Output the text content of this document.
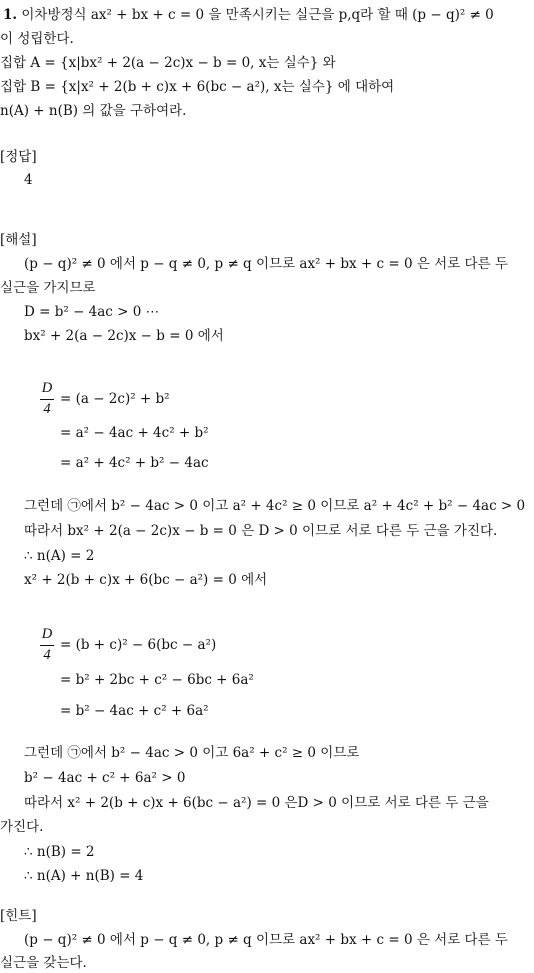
1. 이차방정식 ax² + bx + c = 0 을 만족시키는 실근을 p,q라 할 때 (p − q)² ≠ 0
이 성립한다.
집합 A = {x|bx² + 2(a − 2c)x − b = 0, x는 실수} 와
집합 B = {x|x² + 2(b + c)x + 6(bc − a²), x는 실수} 에 대하여
n(A) + n(B) 의 값을 구하여라.
[정답]
4
[해설]
(p − q)² ≠ 0 에서 p − q ≠ 0, p ≠ q 이므로 ax² + bx + c = 0 은 서로 다른 두
실근을 가지므로
D = b² − 4ac > 0 ⋯
bx² + 2(a − 2c)x − b = 0 에서
D
4
= (a − 2c)² + b²
= a² − 4ac + 4c² + b²
= a² + 4c² + b² − 4ac
그런데 ㉠에서 b² − 4ac > 0 이고 a² + 4c² ≥ 0 이므로 a² + 4c² + b² − 4ac > 0
따라서 bx² + 2(a − 2c)x − b = 0 은 D > 0 이므로 서로 다른 두 근을 가진다.
∴ n(A) = 2
x² + 2(b + c)x + 6(bc − a²) = 0 에서
D
4
= (b + c)² − 6(bc − a²)
= b² + 2bc + c² − 6bc + 6a²
= b² − 4ac + c² + 6a²
그런데 ㉠에서 b² − 4ac > 0 이고 6a² + c² ≥ 0 이므로
b² − 4ac + c² + 6a² > 0
따라서 x² + 2(b + c)x + 6(bc − a²) = 0 은D > 0 이므로 서로 다른 두 근을
가진다.
∴ n(B) = 2
∴ n(A) + n(B) = 4
[힌트]
(p − q)² ≠ 0 에서 p − q ≠ 0, p ≠ q 이므로 ax² + bx + c = 0 은 서로 다른 두
실근을 갖는다.
